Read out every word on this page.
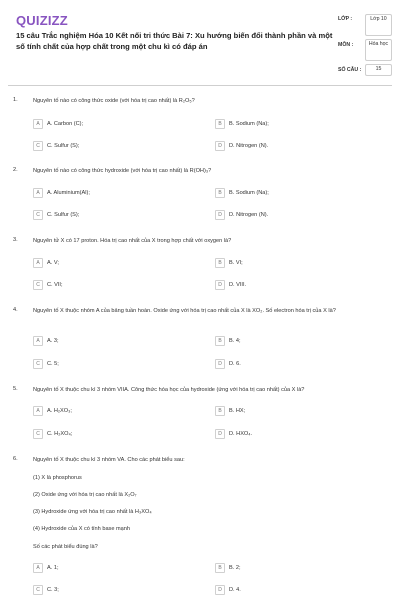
QUIZIZZ
15 câu Trắc nghiệm Hóa 10 Kết nối tri thức Bài 7: Xu hướng biến đổi thành phần và một số tính chất của hợp chất trong một chu kì có đáp án
LỚP :	Lớp 10
MÔN :	Hóa học
SỐ CÂU :	15
1.	Nguyên tố nào có công thức oxide (với hóa trị cao nhất) là R₂O₅?
A A. Carbon (C);	B B. Sodium (Na);
C C. Sulfur (S);	D D. Nitrogen (N).
2.	Nguyên tố nào có công thức hydroxide (với hóa trị cao nhất) là R(OH)₃?
A A. Aluminium(Al);	B B. Sodium (Na);
C C. Sulfur (S);	D D. Nitrogen (N).
3.	Nguyên tử X có 17 proton. Hóa trị cao nhất của X trong hợp chất với oxygen là?
A A. V;	B B. VI;
C C. VII;	D D. VIII.
4.	Nguyên tố X thuộc nhóm A của bảng tuần hoàn. Oxide ứng với hóa trị cao nhất của X là XO₂. Số electron hóa trị của X là?
A A. 3;	B B. 4;
C C. 5;	D D. 6.
5.	Nguyên tố X thuộc chu kì 3 nhóm VIIA. Công thức hóa học của hydroxide (ứng với hóa trị cao nhất) của X là?
A A. H₂XO₃;	B B. HX;
C C. H₂XO₄;	D D. HXO₄.
6.	Nguyên tố X thuộc chu kì 3 nhóm VA. Cho các phát biểu sau:
(1) X là phosphorus
(2) Oxide ứng với hóa trị cao nhất là X₂O₇
(3) Hydroxide ứng với hóa trị cao nhất là H₃XO₄
(4) Hydroxide của X có tính base mạnh
Số các phát biểu đúng là?
A A. 1;	B B. 2;
C C. 3;	D D. 4.
